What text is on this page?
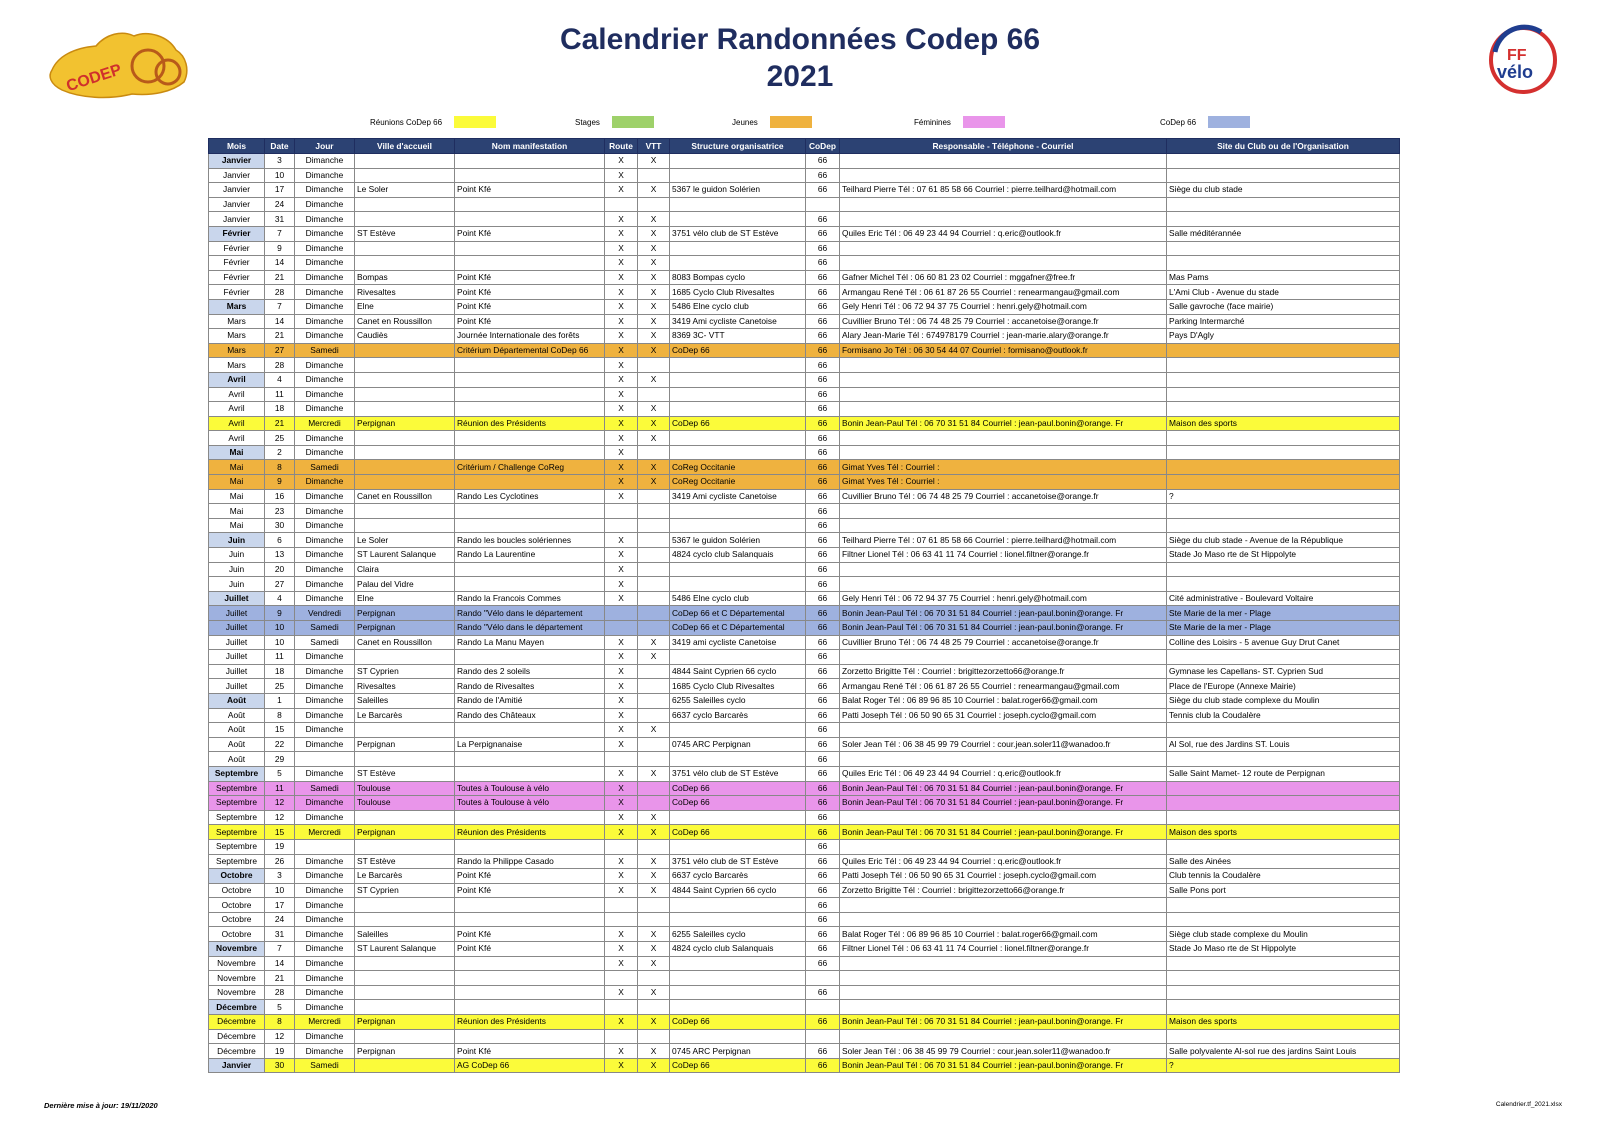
Calendrier Randonnées Codep 66
2021
CODEP
FF
vélo
Réunions CoDep 66	Stages	Jeunes	Féminines	CoDep 66
Mois	Date	Jour	Ville d'accueil	Nom manifestation	Route	VTT	Structure organisatrice	CoDep	Responsable - Téléphone - Courriel	Site du Club ou de l'Organisation
Janvier	3	Dimanche			X	X		66		
Janvier	10	Dimanche			X			66		
Janvier	17	Dimanche	Le Soler	Point Kfé	X	X	5367 le guidon Solérien	66	Teilhard Pierre Tél : 07 61 85 58 66 Courriel : pierre.teilhard@hotmail.com	Siège du club stade
Janvier	24	Dimanche								
Janvier	31	Dimanche			X	X		66		
Février	7	Dimanche	ST Estève	Point Kfé	X	X	3751 vélo club de ST Estève	66	Quiles Eric Tél : 06 49 23 44 94 Courriel : q.eric@outlook.fr	Salle méditérannée
Février	9	Dimanche			X	X		66		
Février	14	Dimanche			X	X		66		
Février	21	Dimanche	Bompas	Point Kfé	X	X	8083 Bompas cyclo	66	Gafner Michel Tél : 06 60 81 23 02 Courriel : mggafner@free.fr	Mas Pams
Février	28	Dimanche	Rivesaltes	Point Kfé	X	X	1685 Cyclo Club Rivesaltes	66	Armangau René Tél : 06 61 87 26 55 Courriel : renearmangau@gmail.com	L'Ami Club - Avenue du stade
Mars	7	Dimanche	Elne	Point Kfé	X	X	5486 Elne cyclo club	66	Gely Henri Tél : 06 72 94 37 75 Courriel : henri.gely@hotmail.com	Salle gavroche (face mairie)
Mars	14	Dimanche	Canet en Roussillon	Point Kfé	X	X	3419 Ami cycliste Canetoise	66	Cuvillier Bruno Tél : 06 74 48 25 79 Courriel : accanetoise@orange.fr	Parking Intermarché
Mars	21	Dimanche	Caudiès	Journée Internationale des forêts	X	X	8369 3C- VTT	66	Alary Jean-Marie Tél : 674978179 Courriel : jean-marie.alary@orange.fr	Pays D'Agly
Mars	27	Samedi		Critérium Départemental CoDep 66	X	X	CoDep 66	66	Formisano Jo Tél : 06 30 54 44 07 Courriel : formisano@outlook.fr	
Mars	28	Dimanche			X			66		
Avril	4	Dimanche			X	X		66		
Avril	11	Dimanche			X			66		
Avril	18	Dimanche			X	X		66		
Avril	21	Mercredi	Perpignan	Réunion des Présidents	X	X	CoDep 66	66	Bonin Jean-Paul Tél : 06 70 31 51 84 Courriel : jean-paul.bonin@orange. Fr	Maison des sports
Avril	25	Dimanche			X	X		66		
Mai	2	Dimanche			X			66		
Mai	8	Samedi		Critérium / Challenge CoReg	X	X	CoReg Occitanie	66	Gimat Yves Tél : Courriel :	
Mai	9	Dimanche			X	X	CoReg Occitanie	66	Gimat Yves Tél : Courriel :	
Mai	16	Dimanche	Canet en Roussillon	Rando Les Cyclotines	X		3419 Ami cycliste Canetoise	66	Cuvillier Bruno Tél : 06 74 48 25 79 Courriel : accanetoise@orange.fr	?
Mai	23	Dimanche						66		
Mai	30	Dimanche						66		
Juin	6	Dimanche	Le Soler	Rando les boucles solériennes	X		5367 le guidon Solérien	66	Teilhard Pierre Tél : 07 61 85 58 66 Courriel : pierre.teilhard@hotmail.com	Siège du club stade - Avenue de la République
Juin	13	Dimanche	ST Laurent Salanque	Rando La Laurentine	X		4824 cyclo club Salanquais	66	Filtner Lionel Tél : 06 63 41 11 74 Courriel : lionel.filtner@orange.fr	Stade Jo Maso rte de St Hippolyte
Juin	20	Dimanche	Claira		X			66		
Juin	27	Dimanche	Palau del Vidre		X			66		
Juillet	4	Dimanche	Elne	Rando la Francois Commes	X		5486 Elne cyclo club	66	Gely Henri Tél : 06 72 94 37 75 Courriel : henri.gely@hotmail.com	Cité administrative - Boulevard Voltaire
Juillet	9	Vendredi	Perpignan	Rando "Vélo dans le département			CoDep 66 et C Départemental	66	Bonin Jean-Paul Tél : 06 70 31 51 84 Courriel : jean-paul.bonin@orange. Fr	Ste Marie de la mer - Plage
Juillet	10	Samedi	Perpignan	Rando "Vélo dans le département			CoDep 66 et C Départemental	66	Bonin Jean-Paul Tél : 06 70 31 51 84 Courriel : jean-paul.bonin@orange. Fr	Ste Marie de la mer - Plage
Juillet	10	Samedi	Canet en Roussillon	Rando La Manu Mayen	X	X	3419 ami cycliste Canetoise	66	Cuvillier Bruno Tél : 06 74 48 25 79 Courriel : accanetoise@orange.fr	Colline des Loisirs - 5 avenue Guy Drut Canet
Juillet	11	Dimanche			X	X		66		
Juillet	18	Dimanche	ST Cyprien	Rando des 2 soleils	X		4844 Saint Cyprien 66 cyclo	66	Zorzetto Brigitte Tél : Courriel : brigittezorzetto66@orange.fr	Gymnase les Capellans- ST. Cyprien Sud
Juillet	25	Dimanche	Rivesaltes	Rando de Rivesaltes	X		1685 Cyclo Club Rivesaltes	66	Armangau René Tél : 06 61 87 26 55 Courriel : renearmangau@gmail.com	Place de l'Europe (Annexe Mairie)
Août	1	Dimanche	Saleilles	Rando de l'Amitié	X		6255 Saleilles cyclo	66	Balat Roger Tél : 06 89 96 85 10 Courriel : balat.roger66@gmail.com	Siège du club stade complexe du Moulin
Août	8	Dimanche	Le Barcarès	Rando des Châteaux	X		6637 cyclo Barcarès	66	Patti Joseph Tél : 06 50 90 65 31 Courriel : joseph.cyclo@gmail.com	Tennis club la Coudalère
Août	15	Dimanche			X	X		66		
Août	22	Dimanche	Perpignan	La Perpignanaise	X		0745 ARC Perpignan	66	Soler Jean Tél : 06 38 45 99 79 Courriel : cour.jean.soler11@wanadoo.fr	Al Sol, rue des Jardins ST. Louis
Août	29							66		
Septembre	5	Dimanche	ST Estève		X	X	3751 vélo club de ST Estève	66	Quiles Eric Tél : 06 49 23 44 94 Courriel : q.eric@outlook.fr	Salle Saint Mamet- 12 route de Perpignan
Septembre	11	Samedi	Toulouse	Toutes à Toulouse à vélo	X		CoDep 66	66	Bonin Jean-Paul Tél : 06 70 31 51 84 Courriel : jean-paul.bonin@orange. Fr	
Septembre	12	Dimanche	Toulouse	Toutes à Toulouse à vélo	X		CoDep 66	66	Bonin Jean-Paul Tél : 06 70 31 51 84 Courriel : jean-paul.bonin@orange. Fr	
Septembre	12	Dimanche			X	X		66		
Septembre	15	Mercredi	Perpignan	Réunion des Présidents	X	X	CoDep 66	66	Bonin Jean-Paul Tél : 06 70 31 51 84 Courriel : jean-paul.bonin@orange. Fr	Maison des sports
Septembre	19							66		
Septembre	26	Dimanche	ST Estève	Rando la Philippe Casado	X	X	3751 vélo club de ST Estève	66	Quiles Eric Tél : 06 49 23 44 94 Courriel : q.eric@outlook.fr	Salle des Ainées
Octobre	3	Dimanche	Le Barcarès	Point Kfé	X	X	6637 cyclo Barcarès	66	Patti Joseph Tél : 06 50 90 65 31 Courriel : joseph.cyclo@gmail.com	Club tennis la Coudalère
Octobre	10	Dimanche	ST Cyprien	Point Kfé	X	X	4844 Saint Cyprien 66 cyclo	66	Zorzetto Brigitte Tél : Courriel : brigittezorzetto66@orange.fr	Salle Pons port
Octobre	17	Dimanche						66		
Octobre	24	Dimanche						66		
Octobre	31	Dimanche	Saleilles	Point Kfé	X	X	6255 Saleilles cyclo	66	Balat Roger Tél : 06 89 96 85 10 Courriel : balat.roger66@gmail.com	Siège club stade complexe du Moulin
Novembre	7	Dimanche	ST Laurent Salanque	Point Kfé	X	X	4824 cyclo club Salanquais	66	Filtner Lionel Tél : 06 63 41 11 74 Courriel : lionel.filtner@orange.fr	Stade Jo Maso rte de St Hippolyte
Novembre	14	Dimanche			X	X		66		
Novembre	21	Dimanche								
Novembre	28	Dimanche			X	X		66		
Décembre	5	Dimanche								
Décembre	8	Mercredi	Perpignan	Réunion des Présidents	X	X	CoDep 66	66	Bonin Jean-Paul Tél : 06 70 31 51 84 Courriel : jean-paul.bonin@orange. Fr	Maison des sports
Décembre	12	Dimanche								
Décembre	19	Dimanche	Perpignan	Point Kfé	X	X	0745 ARC Perpignan	66	Soler Jean Tél : 06 38 45 99 79 Courriel : cour.jean.soler11@wanadoo.fr	Salle polyvalente Al-sol rue des jardins Saint Louis
Janvier	30	Samedi		AG CoDep 66	X	X	CoDep 66	66	Bonin Jean-Paul Tél : 06 70 31 51 84 Courriel : jean-paul.bonin@orange. Fr	?
Dernière mise à jour: 19/11/2020	Calendrier.tf_2021.xlsx
